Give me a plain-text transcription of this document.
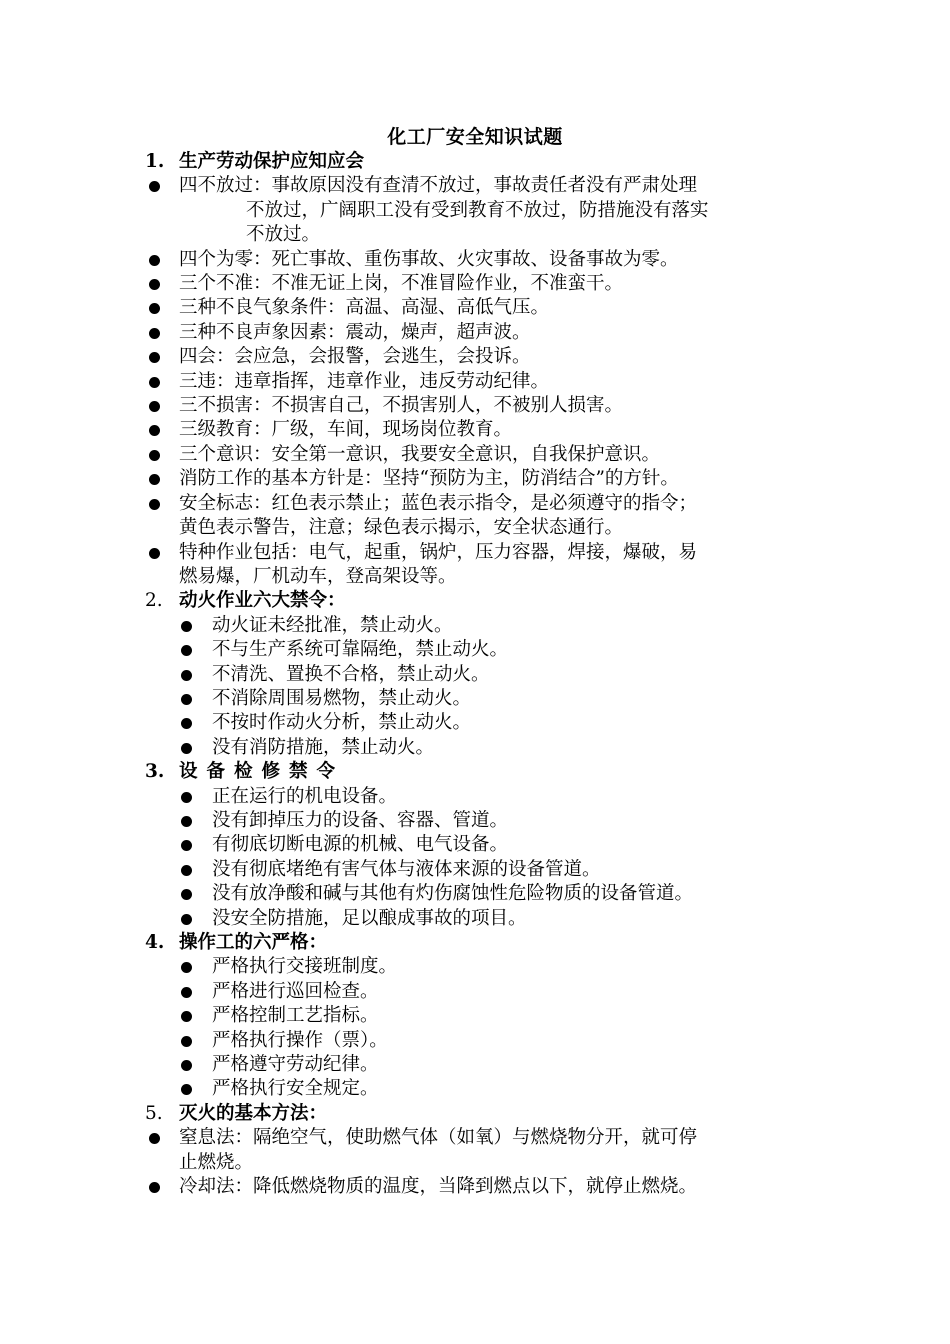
化工厂安全知识试题
1. 生产劳动保护应知应会
四不放过：事故原因没有查清不放过，事故责任者没有严肃处理
不放过，广阔职工没有受到教育不放过，防措施没有落实
不放过。
四个为零：死亡事故、重伤事故、火灾事故、设备事故为零。
三个不准：不准无证上岗，不准冒险作业，不准蛮干。
三种不良气象条件：高温、高湿、高低气压。
三种不良声象因素：震动，燥声，超声波。
四会：会应急，会报警，会逃生，会投诉。
三违：违章指挥，违章作业，违反劳动纪律。
三不损害：不损害自己，不损害别人，不被别人损害。
三级教育：厂级，车间，现场岗位教育。
三个意识：安全第一意识，我要安全意识，自我保护意识。
消防工作的基本方针是：坚持“预防为主，防消结合”的方针。
安全标志：红色表示禁止；蓝色表示指令，是必须遵守的指令；
黄色表示警告，注意；绿色表示揭示，安全状态通行。
特种作业包括：电气，起重，锅炉，压力容器，焊接，爆破，易
燃易爆，厂机动车，登高架设等。
2. 动火作业六大禁令：
动火证未经批准，禁止动火。
不与生产系统可靠隔绝，禁止动火。
不清洗、置换不合格，禁止动火。
不消除周围易燃物，禁止动火。
不按时作动火分析，禁止动火。
没有消防措施，禁止动火。
3. 设备检修禁令
正在运行的机电设备。
没有卸掉压力的设备、容器、管道。
有彻底切断电源的机械、电气设备。
没有彻底堵绝有害气体与液体来源的设备管道。
没有放净酸和碱与其他有灼伤腐蚀性危险物质的设备管道。
没安全防措施，足以酿成事故的项目。
4. 操作工的六严格：
严格执行交接班制度。
严格进行巡回检查。
严格控制工艺指标。
严格执行操作（票）。
严格遵守劳动纪律。
严格执行安全规定。
5. 灭火的基本方法：
窒息法：隔绝空气，使助燃气体（如氧）与燃烧物分开，就可停
止燃烧。
冷却法：降低燃烧物质的温度，当降到燃点以下，就停止燃烧。
